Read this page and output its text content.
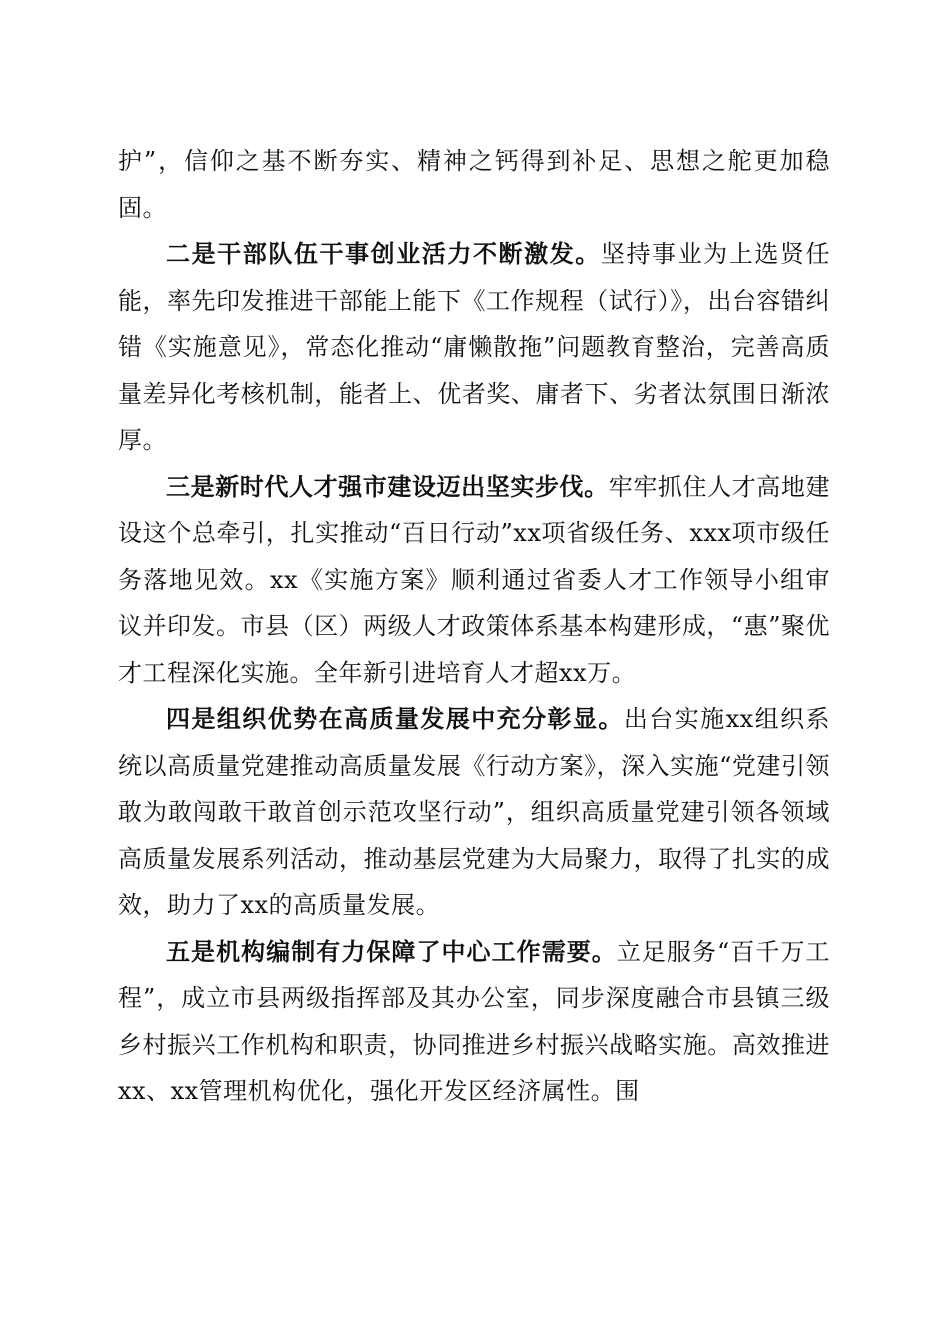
护”，信仰之基不断夯实、精神之钙得到补足、思想之舵更加稳固。

二是干部队伍干事创业活力不断激发。坚持事业为上选贤任能，率先印发推进干部能上能下《工作规程（试行）》，出台容错纠错《实施意见》，常态化推动“庸懒散拖”问题教育整治，完善高质量差异化考核机制，能者上、优者奖、庸者下、劣者汰氛围日渐浓厚。

三是新时代人才强市建设迈出坚实步伐。牢牢抓住人才高地建设这个总牵引，扎实推动“百日行动”xx项省级任务、xxx项市级任务落地见效。xx《实施方案》顺利通过省委人才工作领导小组审议并印发。市县（区）两级人才政策体系基本构建形成，“惠”聚优才工程深化实施。全年新引进培育人才超xx万。

四是组织优势在高质量发展中充分彰显。出台实施xx组织系统以高质量党建推动高质量发展《行动方案》，深入实施“党建引领敢为敢闯敢干敢首创示范攻坚行动”，组织高质量党建引领各领域高质量发展系列活动，推动基层党建为大局聚力，取得了扎实的成效，助力了xx的高质量发展。

五是机构编制有力保障了中心工作需要。立足服务“百千万工程”，成立市县两级指挥部及其办公室，同步深度融合市县镇三级乡村振兴工作机构和职责，协同推进乡村振兴战略实施。高效推进xx、xx管理机构优化，强化开发区经济属性。围
